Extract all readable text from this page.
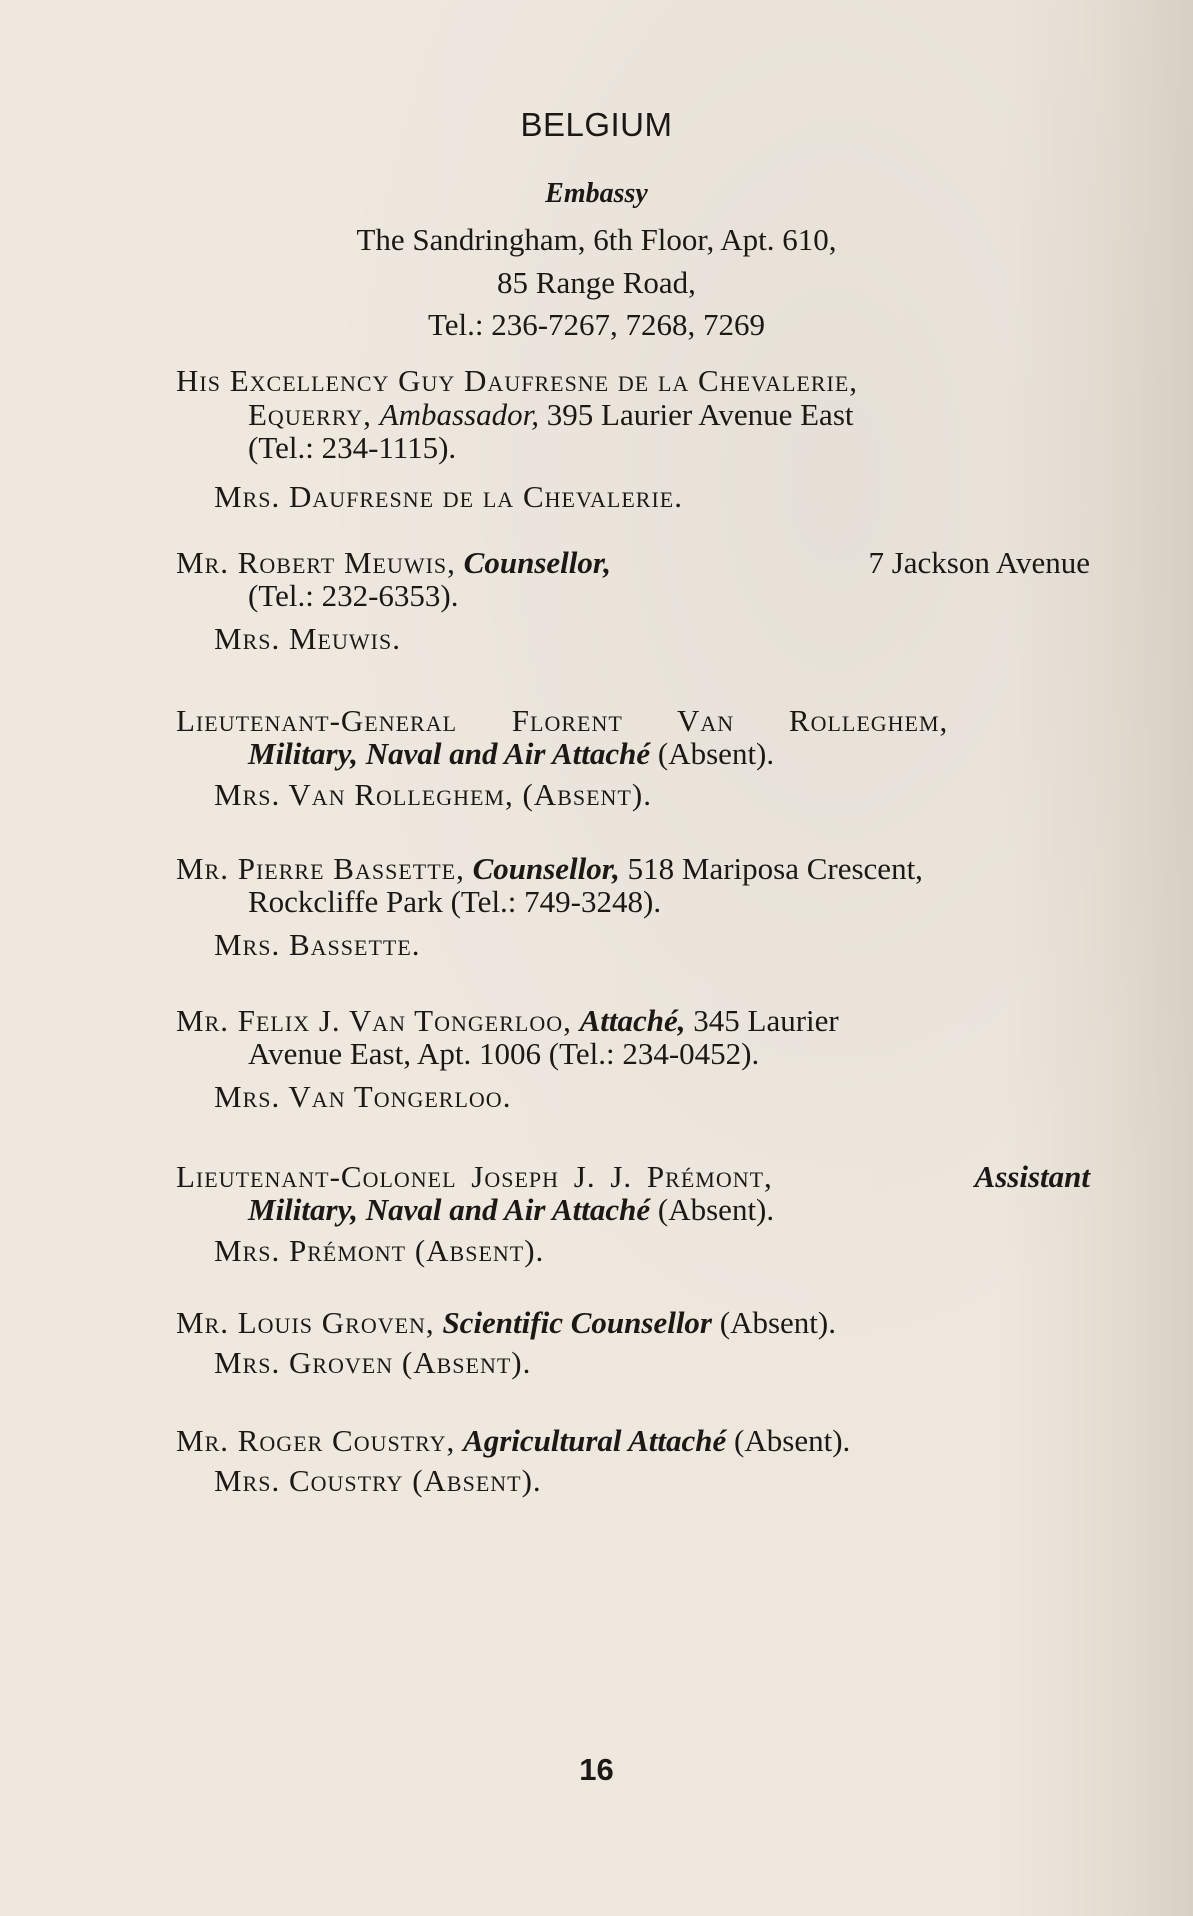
BELGIUM
Embassy
The Sandringham, 6th Floor, Apt. 610,
85 Range Road,
Tel.: 236-7267, 7268, 7269
His Excellency Guy Daufresne de la Chevalerie,
Equerry, Ambassador, 395 Laurier Avenue East
(Tel.: 234-1115).
Mrs. Daufresne de la Chevalerie.
Mr. Robert Meuwis, Counsellor,	7 Jackson Avenue
(Tel.: 232-6353).
Mrs. Meuwis.
Lieutenant-General Florent Van Rolleghem,
Military, Naval and Air Attaché (Absent).
Mrs. Van Rolleghem, (Absent).
Mr. Pierre Bassette, Counsellor, 518 Mariposa Crescent,
Rockcliffe Park (Tel.: 749-3248).
Mrs. Bassette.
Mr. Felix J. Van Tongerloo, Attaché, 345 Laurier
Avenue East, Apt. 1006 (Tel.: 234-0452).
Mrs. Van Tongerloo.
Lieutenant-Colonel Joseph J. J. Prémont,	Assistant
Military, Naval and Air Attaché (Absent).
Mrs. Prémont (Absent).
Mr. Louis Groven, Scientific Counsellor (Absent).
Mrs. Groven (Absent).
Mr. Roger Coustry, Agricultural Attaché (Absent).
Mrs. Coustry (Absent).
16
